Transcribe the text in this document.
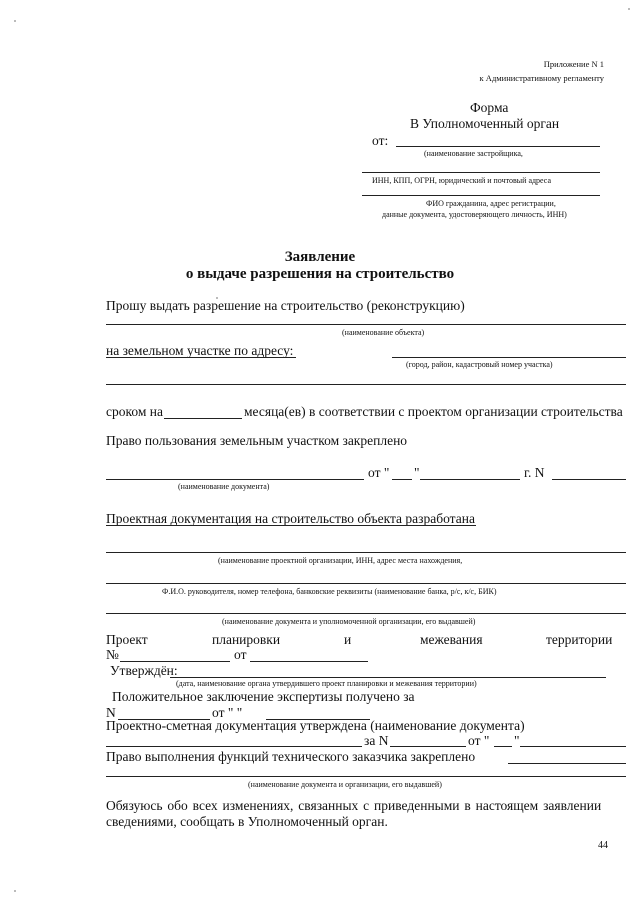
Приложение N 1
к Административному регламенту
Форма
В Уполномоченный орган
от:
(наименование застройщика,
ИНН, КПП, ОГРН, юридический и почтовый адреса
ФИО гражданина, адрес регистрации,
данные документа, удостоверяющего личность, ИНН)
Заявление
о выдаче разрешения на строительство
Прошу выдать разрешение на строительство (реконструкцию)
(наименование объекта)
на земельном участке по адресу:
(город, район, кадастровый номер участка)
сроком на	месяца(ев) в соответствии с проектом организации строительства
Право пользования земельным участком закреплено
от " "	г. N
(наименование документа)
Проектная документация на строительство объекта разработана
(наименование проектной организации, ИНН, адрес места нахождения,
Ф.И.О. руководителя, номер телефона, банковские реквизиты (наименование банка, р/с, к/с, БИК)
(наименование документа и уполномоченной организации, его выдавшей)
Проект	планировки	и	межевания	территории
№	от
Утверждён:
(дата, наименование органа утвердившего проект планировки и межевания территории)
Положительное заключение экспертизы получено за
N	от " "
Проектно-сметная документация утверждена (наименование документа)
за N	от " "
Право выполнения функций технического заказчика закреплено
(наименование документа и организации, его выдавшей)
Обязуюсь обо всех изменениях, связанных с приведенными в настоящем заявлении
сведениями, сообщать в Уполномоченный орган.
44
